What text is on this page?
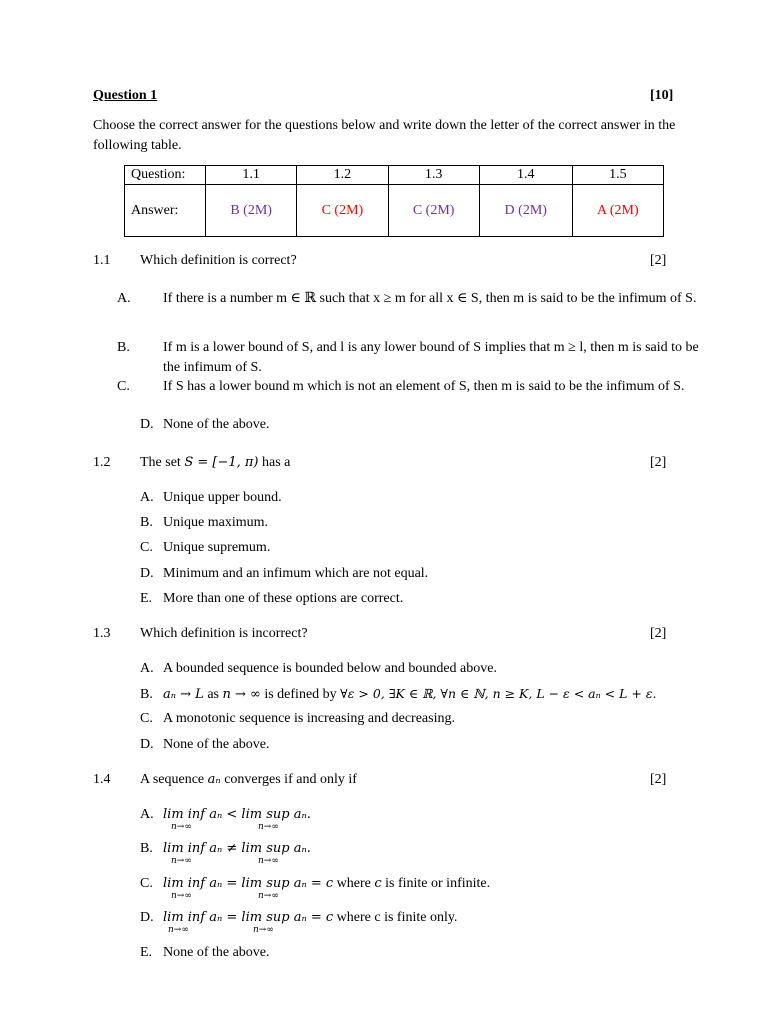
Question 1	[10]
Choose the correct answer for the questions below and write down the letter of the correct answer in the following table.
Question:	1.1	1.2	1.3	1.4	1.5
Answer:	B (2M)	C (2M)	C (2M)	D (2M)	A (2M)
1.1 Which definition is correct?	[2]
A. If there is a number m ∈ ℝ such that x ≥ m for all x ∈ S, then m is said to be the infimum of S.
B. If m is a lower bound of S, and l is any lower bound of S implies that m ≥ l, then m is said to be the infimum of S.
C. If S has a lower bound m which is not an element of S, then m is said to be the infimum of S.
D. None of the above.
1.2 The set S = [−1, π) has a	[2]
A. Unique upper bound.
B. Unique maximum.
C. Unique supremum.
D. Minimum and an infimum which are not equal.
E. More than one of these options are correct.
1.3 Which definition is incorrect?	[2]
A. A bounded sequence is bounded below and bounded above.
B. aₙ → L as n → ∞ is defined by ∀ε > 0, ∃K ∈ ℝ, ∀n ∈ ℕ, n ≥ K, L − ε < aₙ < L + ε.
C. A monotonic sequence is increasing and decreasing.
D. None of the above.
1.4 A sequence aₙ converges if and only if	[2]
A. lim inf aₙ < lim sup aₙ.
n→∞	n→∞
B. lim inf aₙ ≠ lim sup aₙ.
n→∞	n→∞
C. lim inf aₙ = lim sup aₙ = c where c is finite or infinite.
n→∞	n→∞
D. lim inf aₙ = lim sup aₙ = c where c is finite only.
n→∞	n→∞
E. None of the above.
